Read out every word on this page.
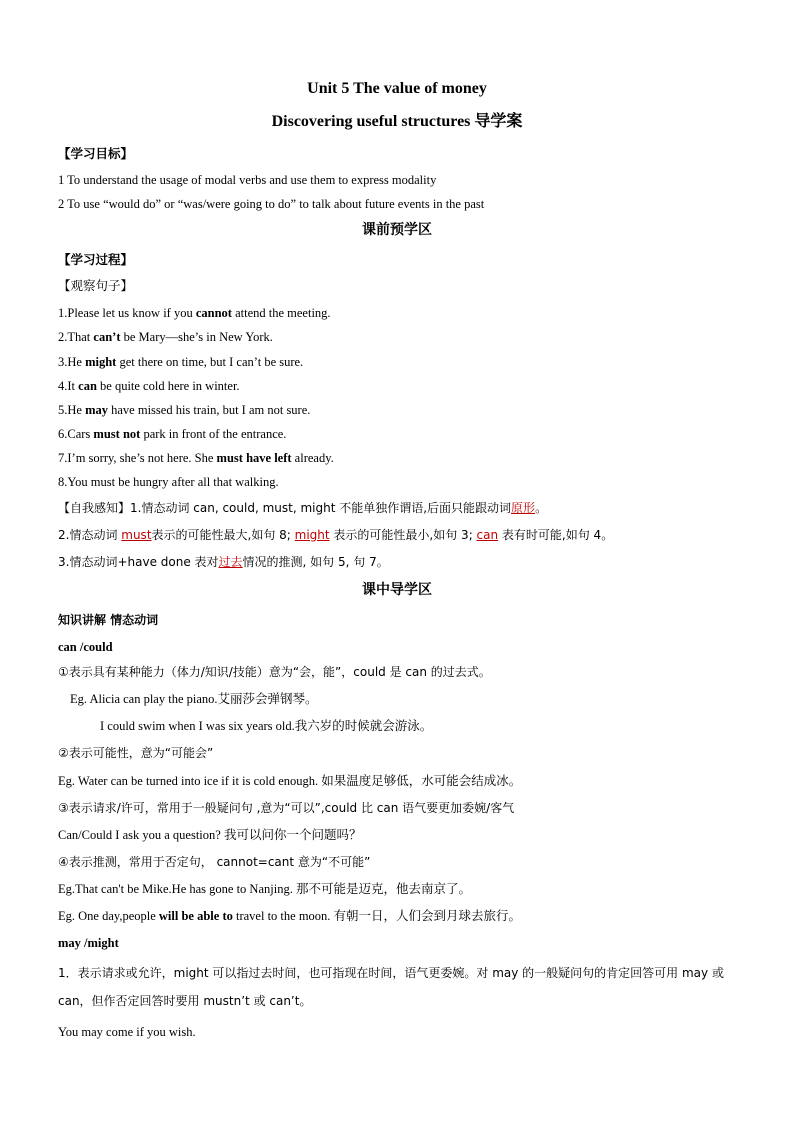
Unit 5 The value of money
Discovering useful structures 导学案
【学习目标】
1 To understand the usage of modal verbs and use them to express modality
2 To use “would do” or “was/were going to do” to talk about future events in the past
课前预学区
【学习过程】
【观察句子】
1.Please let us know if you cannot attend the meeting.
2.That can’t be Mary—she’s in New York.
3.He might get there on time, but I can’t be sure.
4.It can be quite cold here in winter.
5.He may have missed his train, but I am not sure.
6.Cars must not park in front of the entrance.
7.I’m sorry, she’s not here. She must have left already.
8.You must be hungry after all that walking.
【自我感知】1.情态动词 can, could, must, might 不能单独作谓语,后面只能跟动词原形。
2.情态动词 must表示的可能性最大,如句 8; might 表示的可能性最小,如句 3; can 表有时可能,如句 4。
3.情态动词+have done 表对过去情况的推测, 如句 5, 句 7。
课中导学区
知识讲解 情态动词
can /could
①表示具有某种能力（体力/知识/技能）意为“会，能”，could 是 can 的过去式。
Eg. Alicia can play the piano.艾丽莎会弹钢琴。
I could swim when I was six years old.我六岁的时候就会游泳。
②表示可能性，意为“可能会”
Eg. Water can be turned into ice if it is cold enough. 如果温度足够低，水可能会结成冰。
③表示请求/许可，常用于一般疑问句 ,意为“可以”,could 比 can 语气要更加委婉/客气
Can/Could I ask you a question? 我可以问你一个问题吗？
④表示推测，常用于否定句， cannot=cant 意为“不可能”
Eg.That can't be Mike.He has gone to Nanjing. 那不可能是迈克，他去南京了。
Eg. One day,people will be able to travel to the moon. 有朝一日，人们会到月球去旅行。
may /might
1．表示请求或允许，might 可以指过去时间，也可指现在时间，语气更委婉。对 may 的一般疑问句的肯定回答可用 may 或 can，但作否定回答时要用 mustn’t 或 can’t。
You may come if you wish.
